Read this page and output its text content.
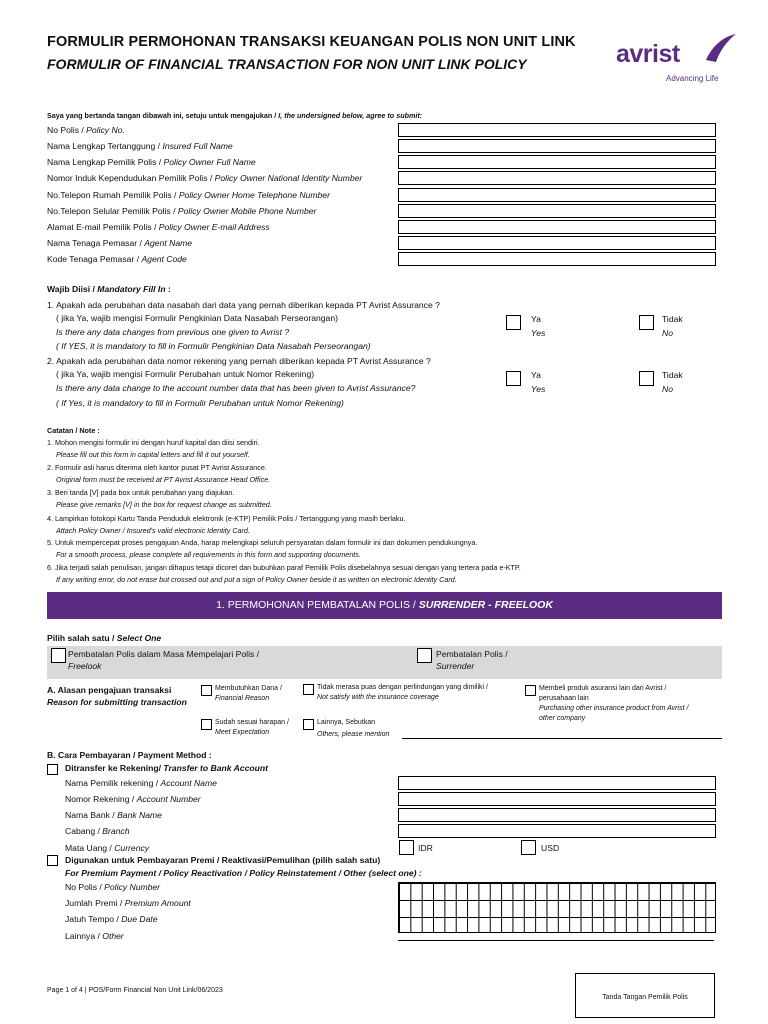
FORMULIR PERMOHONAN TRANSAKSI KEUANGAN POLIS NON UNIT LINK
FORMULIR OF FINANCIAL TRANSACTION FOR NON UNIT LINK POLICY	avrist
Advancing Life
Saya yang bertanda tangan dibawah ini, setuju untuk mengajukan / I, the undersigned below, agree to submit:
No Polis / Policy No.
Nama Lengkap Tertanggung / Insured Full Name
Nama Lengkap Pemilik Polis / Policy Owner Full Name
Nomor Induk Kependudukan Pemilik Polis / Policy Owner National Identity Number
No.Telepon Rumah Pemilik Polis / Policy Owner Home Telephone Number
No.Telepon Selular Pemilik Polis / Policy Owner Mobile Phone Number
Alamat E-mail Pemilik Polis / Policy Owner E-mail Address
Nama Tenaga Pemasar / Agent Name
Kode Tenaga Pemasar / Agent Code
Wajib Diisi / Mandatory Fill In :
1. Apakah ada perubahan data nasabah dari data yang pernah diberikan kepada PT Avrist Assurance ?
( jika Ya, wajib mengisi Formulir Pengkinian Data Nasabah Perseorangan)
Is there any data changes from previous one given to Avrist ?
( If YES, it is mandatory to fill in Formulir Pengkinian Data Nasabah Perseorangan)
Ya
Yes
Tidak
No
2. Apakah ada perubahan data nomor rekening yang pernah diberikan kepada PT Avrist Assurance ?
( jika Ya, wajib mengisi Formulir Perubahan untuk Nomor Rekening)
Is there any data change to the account number data that has been given to Avrist Assurance?
( If Yes, it is mandatory to fill in Formulir Perubahan untuk Nomor Rekening)
Ya
Yes
Tidak
No
Catatan / Note :
1. Mohon mengisi formulir ini dengan huruf kapital dan diisi sendiri.
Please fill out this form in capital letters and fill it out yourself.
2. Formulir asli harus diterima oleh kantor pusat PT Avrist Assurance.
Original form must be received at PT Avrist Assurance Head Office.
3. Beri tanda [V] pada box untuk perubahan yang diajukan.
Please give remarks [V] in the box for request change as submitted.
4. Lampirkan fotokopi Kartu Tanda Penduduk elektronik (e-KTP) Pemilik Polis / Tertanggung yang masih berlaku.
Attach Policy Owner / Insured's valid electronic Identity Card.
5. Untuk mempercepat proses pengajuan Anda, harap melengkapi seluruh persyaratan dalam formulir ini dan dokumen pendukungnya.
For a smooth process, please complete all requirements in this form and supporting documents.
6. Jika terjadi salah penulisan, jangan dihapus tetapi dicoret dan bubuhkan paraf Pemilik Polis disebelahnya sesuai dengan yang tertera pada e-KTP.
If any writing error, do not erase but crossed out and put a sign of Policy Owner beside it as written on electronic Identity Card.
1. PERMOHONAN PEMBATALAN POLIS / SURRENDER - FREELOOK
Pilih salah satu / Select One
Pembatalan Polis dalam Masa Mempelajari Polis /
Freelook
Pembatalan Polis /
Surrender
A. Alasan pengajuan transaksi
Reason for submitting transaction
Membutuhkan Dana /
Financial Reason
Tidak merasa puas dengan perlindungan yang dimiliki /
Not satisfy with the insurance coverage
Membeli produk asuransi lain dari Avrist /
perusahaan lain
Purchasing other insurance product from Avrist /
other company
Sudah sesuai harapan /
Meet Expectation
Lainnya, Sebutkan
Others, please mention
B. Cara Pembayaran / Payment Method :
Ditransfer ke Rekening/ Transfer to Bank Account
Nama Pemilik rekening / Account Name
Nomor Rekening / Account Number
Nama Bank / Bank Name
Cabang / Branch
Mata Uang / Currency	IDR	USD
Digunakan untuk Pembayaran Premi / Reaktivasi/Pemulihan (pilih salah satu)
For Premium Payment / Policy Reactivation / Policy Reinstatement / Other (select one) :
No Polis / Policy Number
Jumlah Premi / Premium Amount
Jatuh Tempo / Due Date
Lainnya / Other
Page 1 of 4 | POS/Form Financial Non Unit Link/06/2023
Tanda Tangan Pemilik Polis
